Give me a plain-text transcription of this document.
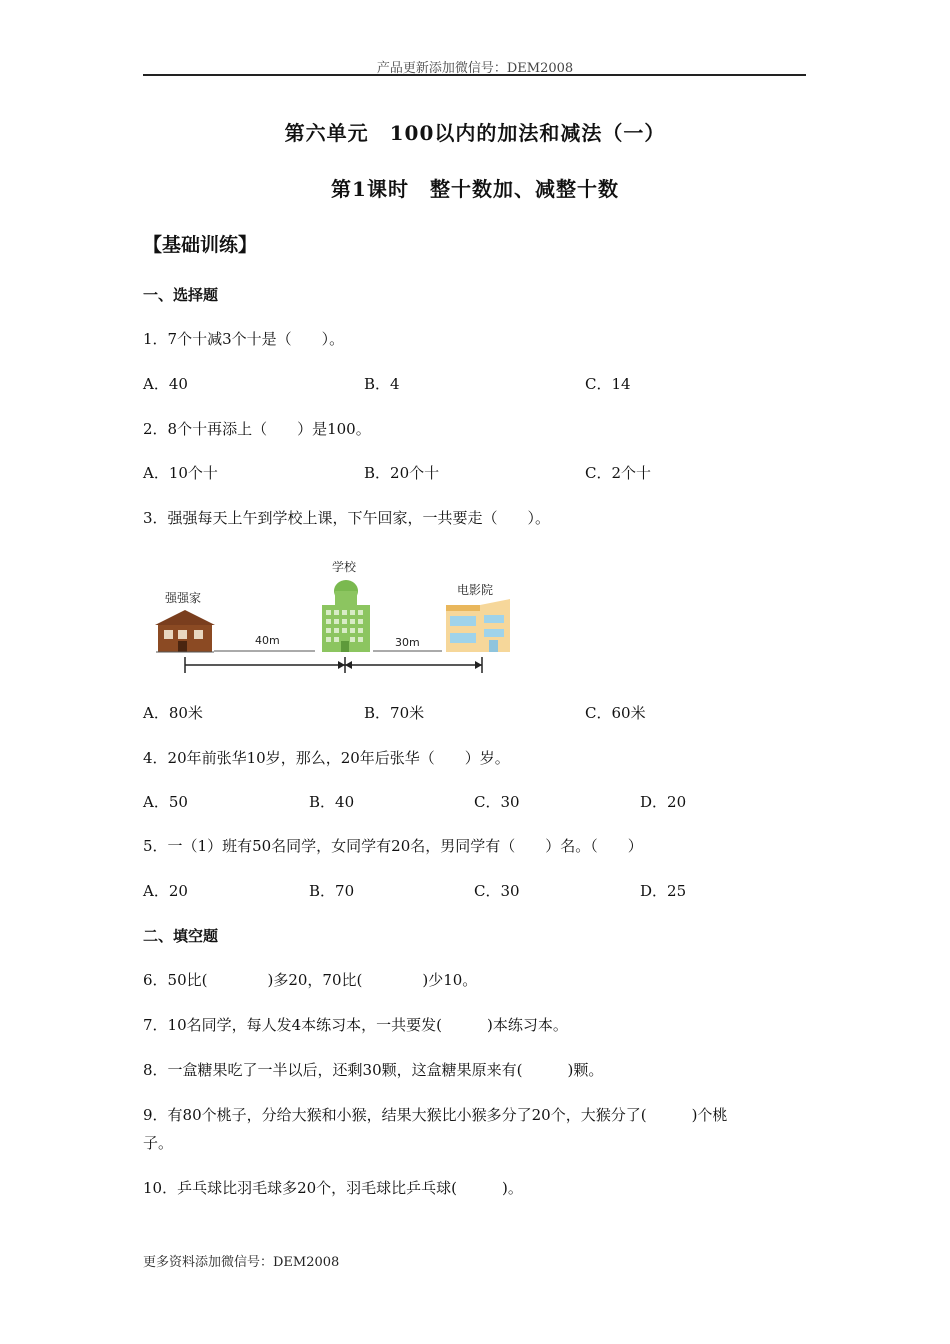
产品更新添加微信号：DEM2008
第六单元　100以内的加法和减法（一）
第1课时　整十数加、减整十数
【基础训练】
一、选择题
1．7个十减3个十是（　　）。
A．40	B．4	C．14
2．8个十再添上（　　）是100。
A．10个十	B．20个十	C．2个十
3．强强每天上午到学校上课，下午回家，一共要走（　　）。
强强家
学校
电影院
40m	30m
A．80米	B．70米	C．60米
4．20年前张华10岁，那么，20年后张华（　　）岁。
A．50	B．40	C．30	D．20
5．一（1）班有50名同学，女同学有20名，男同学有（　　）名。（　　）
A．20	B．70	C．30	D．25
二、填空题
6．50比(　　　　)多20，70比(　　　　)少10。
7．10名同学，每人发4本练习本，一共要发(　　　)本练习本。
8．一盒糖果吃了一半以后，还剩30颗，这盒糖果原来有(　　　)颗。
9．有80个桃子，分给大猴和小猴，结果大猴比小猴多分了20个，大猴分了(　　　)个桃
子。
10．乒乓球比羽毛球多20个，羽毛球比乒乓球(　　　)。
更多资料添加微信号：DEM2008
